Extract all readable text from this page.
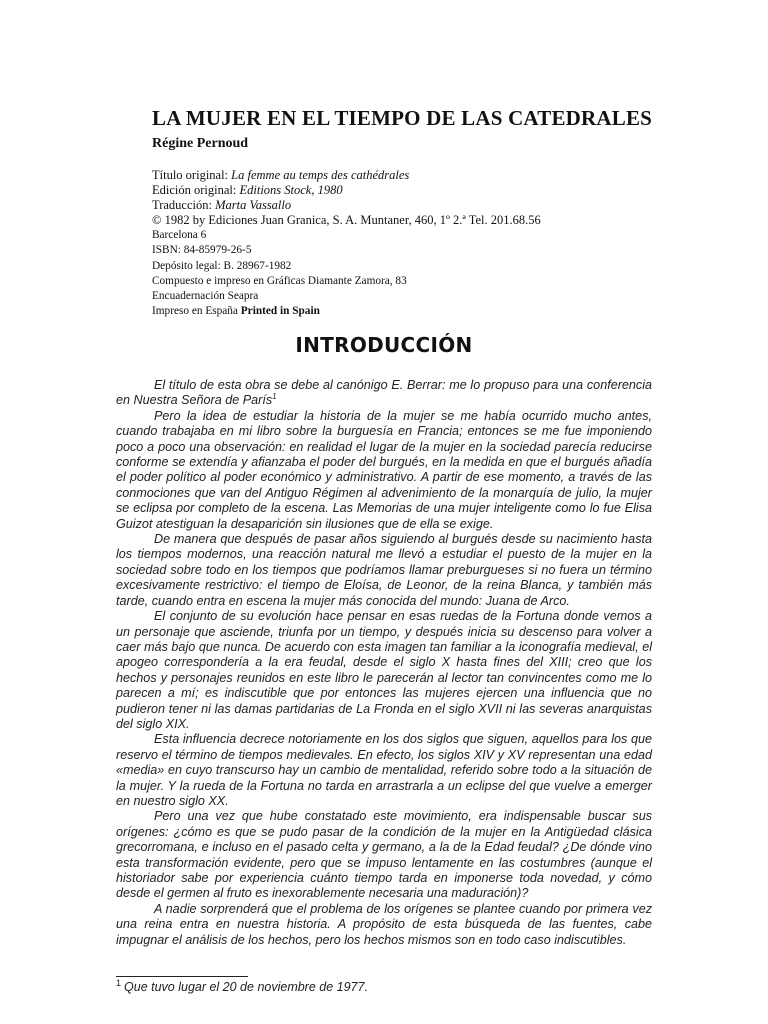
LA MUJER EN EL TIEMPO DE LAS CATEDRALES
Régine Pernoud
Título original: La femme au temps des cathédrales
Edición original: Editions Stock, 1980
Traducción: Marta Vassallo
© 1982 by Ediciones Juan Granica, S. A. Muntaner, 460, 1º 2.ª Tel. 201.68.56
Barcelona 6
ISBN: 84-85979-26-5
Depósito legal: B. 28967-1982
Compuesto e impreso en Gráficas Diamante Zamora, 83
Encuadernación Seapra
Impreso en España Printed in Spain
INTRODUCCIÓN

El título de esta obra se debe al canónigo E. Berrar: me lo propuso para una conferencia en Nuestra Señora de París$^1$

Pero la idea de estudiar la historia de la mujer se me había ocurrido mucho antes, cuando trabajaba en mi libro sobre la burguesía en Francia; entonces se me fue imponiendo poco a poco una observación: en realidad el lugar de la mujer en la sociedad parecía reducirse conforme se extendía y afianzaba el poder del burgués, en la medida en que el burgués añadía el poder político al poder económico y administrativo. A partir de ese momento, a través de las conmociones que van del Antiguo Régimen al advenimiento de la monarquía de julio, la mujer se eclipsa por completo de la escena. Las Memorias de una mujer inteligente como lo fue Elisa Guizot atestiguan la desaparición sin ilusiones que de ella se exige.

De manera que después de pasar años siguiendo al burgués desde su nacimiento hasta los tiempos modernos, una reacción natural me llevó a estudiar el puesto de la mujer en la sociedad sobre todo en los tiempos que podríamos llamar preburgueses si no fuera un término excesivamente restrictivo: el tiempo de Eloísa, de Leonor, de la reina Blanca, y también más tarde, cuando entra en escena la mujer más conocida del mundo: Juana de Arco.

El conjunto de su evolución hace pensar en esas ruedas de la Fortuna donde vemos a un personaje que asciende, triunfa por un tiempo, y después inicia su descenso para volver a caer más bajo que nunca. De acuerdo con esta imagen tan familiar a la iconografía medieval, el apogeo correspondería a la era feudal, desde el siglo X hasta fines del XIII; creo que los hechos y personajes reunidos en este libro le parecerán al lector tan convincentes como me lo parecen a mí; es indiscutible que por entonces las mujeres ejercen una influencia que no pudieron tener ni las damas partidarias de La Fronda en el siglo XVII ni las severas anarquistas del siglo XIX.

Esta influencia decrece notoriamente en los dos siglos que siguen, aquellos para los que reservo el término de tiempos medievales. En efecto, los siglos XIV y XV representan una edad «media» en cuyo transcurso hay un cambio de mentalidad, referido sobre todo a la situación de la mujer. Y la rueda de la Fortuna no tarda en arrastrarla a un eclipse del que vuelve a emerger en nuestro siglo XX.

Pero una vez que hube constatado este movimiento, era indispensable buscar sus orígenes: ¿cómo es que se pudo pasar de la condición de la mujer en la Antigüedad clásica grecorromana, e incluso en el pasado celta y germano, a la de la Edad feudal? ¿De dónde vino esta transformación evidente, pero que se impuso lentamente en las costumbres (aunque el historiador sabe por experiencia cuánto tiempo tarda en imponerse toda novedad, y cómo desde el germen al fruto es inexorablemente necesaria una maduración)?

A nadie sorprenderá que el problema de los orígenes se plantee cuando por primera vez una reina entra en nuestra historia. A propósito de esta búsqueda de las fuentes, cabe impugnar el análisis de los hechos, pero los hechos mismos son en todo caso indiscutibles.

$^1$ Que tuvo lugar el 20 de noviembre de 1977.
